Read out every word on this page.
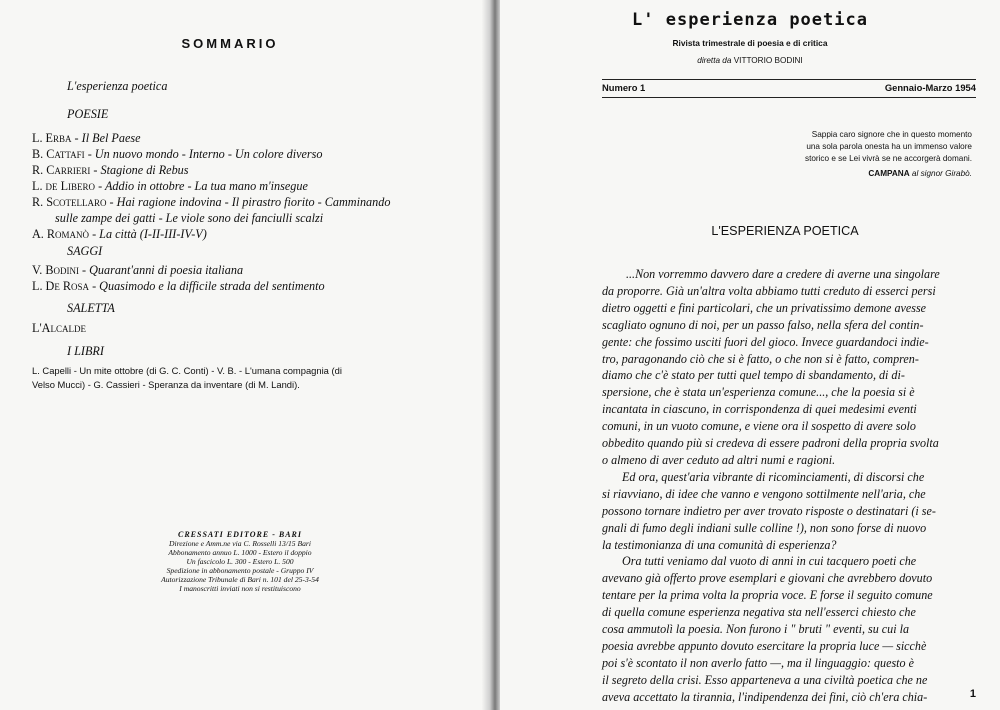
SOMMARIO
L'esperienza poetica
POESIE
L. Erba - Il Bel Paese
B. Cattafi - Un nuovo mondo - Interno - Un colore diverso
R. Carrieri - Stagione di Rebus
L. de Libero - Addio in ottobre - La tua mano m'insegue
R. Scotellaro - Hai ragione indovina - Il pirastro fiorito - Camminando
sulle zampe dei gatti - Le viole sono dei fanciulli scalzi
A. Romanò - La città (I-II-III-IV-V)
SAGGI
V. Bodini - Quarant'anni di poesia italiana
L. De Rosa - Quasimodo e la difficile strada del sentimento
SALETTA
L'Alcalde
I LIBRI
L. Capelli - Un mite ottobre (di G. C. Conti) - V. B. - L'umana compagnia (di
Velso Mucci) - G. Cassieri - Speranza da inventare (di M. Landi).
CRESSATI EDITORE - BARI
Direzione e Amm.ne via C. Rosselli 13/15 Bari
Abbonamento annuo L. 1000 - Estero il doppio
Un fascicolo L. 300 - Estero L. 500
Spedizione in abbonamento postale - Gruppo IV
Autorizzazione Tribunale di Bari n. 101 del 25-3-54
I manoscritti inviati non si restituiscono
L' esperienza poetica
Rivista trimestrale di poesia e di critica
diretta da VITTORIO BODINI
Numero 1	Gennaio-Marzo 1954
Sappia caro signore che in questo momento
una sola parola onesta ha un immenso valore
storico e se Lei vivrà se ne accorgerà domani.
CAMPANA al signor Girabò.
L'ESPERIENZA POETICA
...Non vorremmo davvero dare a credere di averne una singolare
da proporre. Già un'altra volta abbiamo tutti creduto di esserci persi
dietro oggetti e fini particolari, che un privatissimo demone avesse
scagliato ognuno di noi, per un passo falso, nella sfera del contin-
gente: che fossimo usciti fuori del gioco. Invece guardandoci indie-
tro, paragonando ciò che si è fatto, o che non si è fatto, compren-
diamo che c'è stato per tutti quel tempo di sbandamento, di di-
spersione, che è stata un'esperienza comune..., che la poesia si è
incantata in ciascuno, in corrispondenza di quei medesimi eventi
comuni, in un vuoto comune, e viene ora il sospetto di avere solo
obbedito quando più si credeva di essere padroni della propria svolta
o almeno di aver ceduto ad altri numi e ragioni.
Ed ora, quest'aria vibrante di ricominciamenti, di discorsi che
si riavviano, di idee che vanno e vengono sottilmente nell'aria, che
possono tornare indietro per aver trovato risposte o destinatari (i se-
gnali di fumo degli indiani sulle colline !), non sono forse di nuovo
la testimonianza di una comunità di esperienza?
Ora tutti veniamo dal vuoto di anni in cui tacquero poeti che
avevano già offerto prove esemplari e giovani che avrebbero dovuto
tentare per la prima volta la propria voce. E forse il seguito comune
di quella comune esperienza negativa sta nell'esserci chiesto che
cosa ammutolì la poesia. Non furono i " bruti " eventi, su cui la
poesia avrebbe appunto dovuto esercitare la propria luce — sicchè
poi s'è scontato il non averlo fatto —, ma il linguaggio: questo è
il segreto della crisi. Esso apparteneva a una civiltà poetica che ne
aveva accettato la tirannia, l'indipendenza dei fini, ciò ch'era chia-	1
